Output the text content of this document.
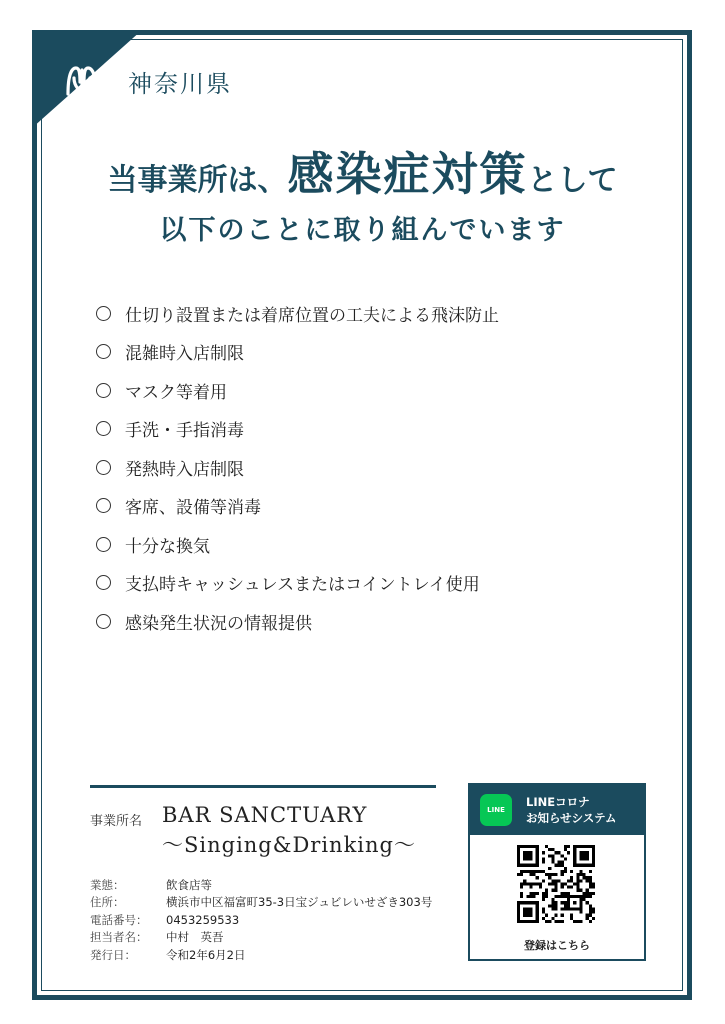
神奈川県
当事業所は、感染症対策として
以下のことに取り組んでいます
仕切り設置または着席位置の工夫による飛沫防止
混雑時入店制限
マスク等着用
手洗・手指消毒
発熱時入店制限
客席、設備等消毒
十分な換気
支払時キャッシュレスまたはコイントレイ使用
感染発生状況の情報提供
事業所名 BAR SANCTUARY
〜Singing&Drinking〜
業態：	飲食店等
住所：	横浜市中区福富町35-3日宝ジュビレいせざき303号
電話番号：	0453259533
担当者名：	中村　英吾
発行日：	令和2年6月2日
LINE
LINEコロナ
お知らせシステム
登録はこちら
